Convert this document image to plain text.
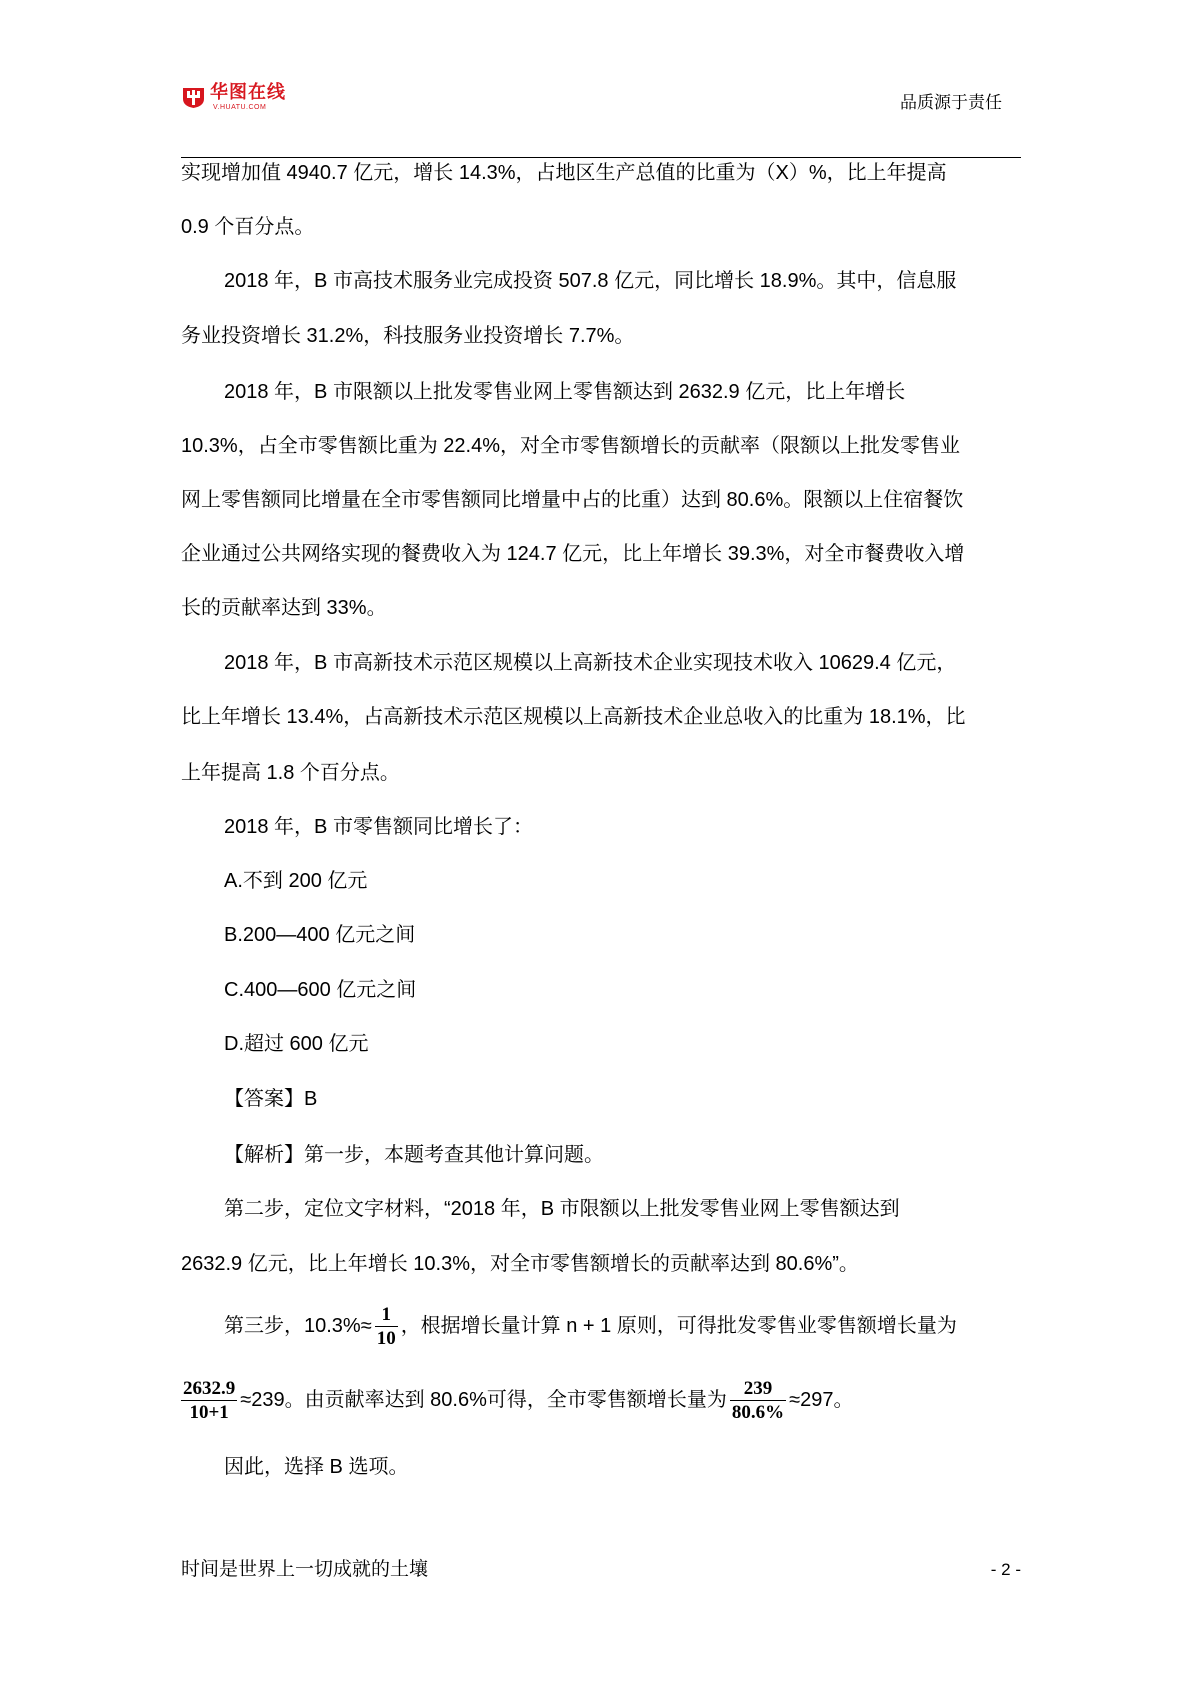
华图在线
V.HUATU.COM	品质源于责任
实现增加值 4940.7 亿元，增长 14.3%，占地区生产总值的比重为（X）%，比上年提高
0.9 个百分点。
2018 年，B 市高技术服务业完成投资 507.8 亿元，同比增长 18.9%。其中，信息服
务业投资增长 31.2%，科技服务业投资增长 7.7%。
2018 年，B 市限额以上批发零售业网上零售额达到 2632.9 亿元，比上年增长
10.3%，占全市零售额比重为 22.4%，对全市零售额增长的贡献率（限额以上批发零售业
网上零售额同比增量在全市零售额同比增量中占的比重）达到 80.6%。限额以上住宿餐饮
企业通过公共网络实现的餐费收入为 124.7 亿元，比上年增长 39.3%，对全市餐费收入增
长的贡献率达到 33%。
2018 年，B 市高新技术示范区规模以上高新技术企业实现技术收入 10629.4 亿元，
比上年增长 13.4%，占高新技术示范区规模以上高新技术企业总收入的比重为 18.1%，比
上年提高 1.8 个百分点。
2018 年，B 市零售额同比增长了：
A.不到 200 亿元
B.200—400 亿元之间
C.400—600 亿元之间
D.超过 600 亿元
【答案】B
【解析】第一步，本题考查其他计算问题。
第二步，定位文字材料，“2018 年，B 市限额以上批发零售业网上零售额达到
2632.9 亿元，比上年增长 10.3%，对全市零售额增长的贡献率达到 80.6%”。
第三步，$10.3\%\approx \frac{1}{10}$ ，根据增长量计算 n + 1 原则，可得批发零售业零售额增长量为
$\frac{2632.9}{10+1} \approx 239$。由贡献率达到 80.6%可得，全市零售额增长量为 $\frac{239}{80.6\%} \approx 297$。
因此，选择 B 选项。
时间是世界上一切成就的土壤	- 2 -
